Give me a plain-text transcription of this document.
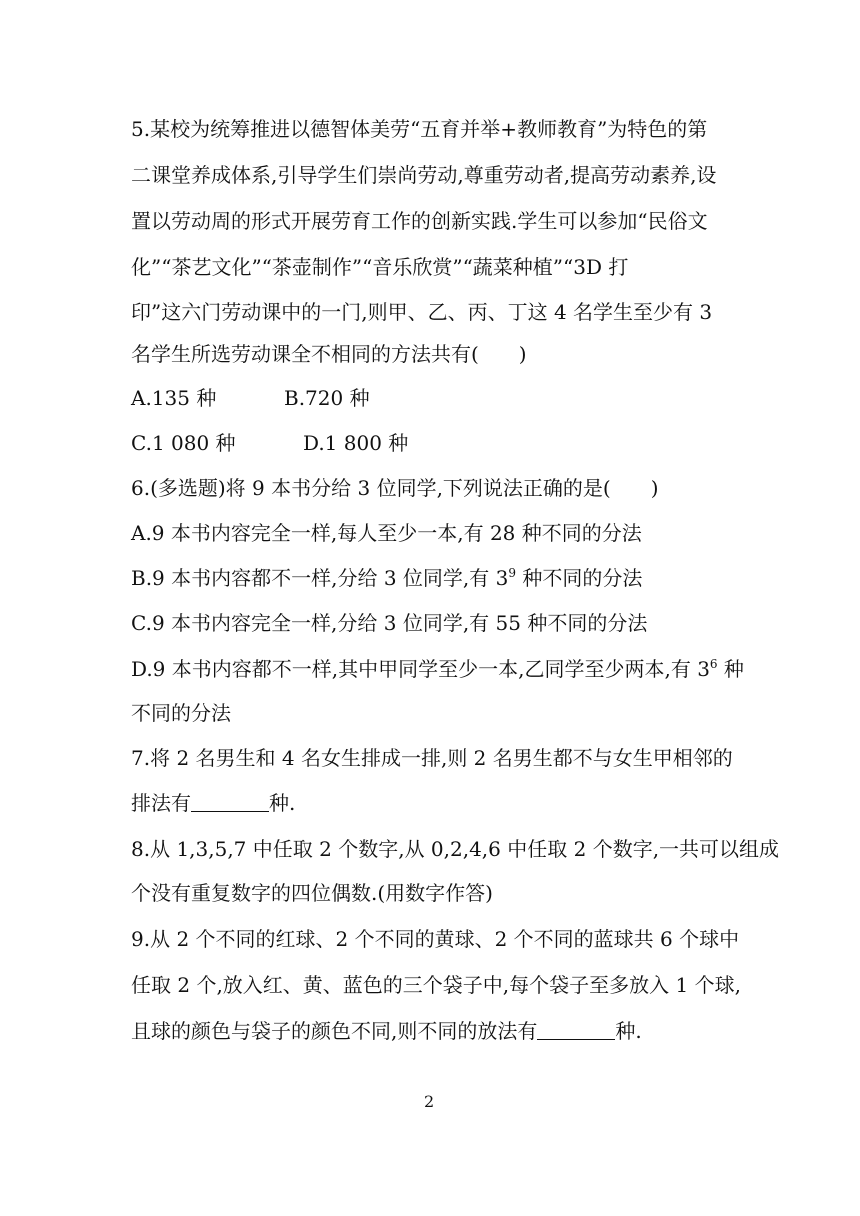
5.某校为统筹推进以德智体美劳“五育并举+教师教育”为特色的第
二课堂养成体系,引导学生们崇尚劳动,尊重劳动者,提高劳动素养,设
置以劳动周的形式开展劳育工作的创新实践.学生可以参加“民俗文
化”“茶艺文化”“茶壶制作”“音乐欣赏”“蔬菜种植”“3D 打
印”这六门劳动课中的一门,则甲、乙、丙、丁这 4 名学生至少有 3
名学生所选劳动课全不相同的方法共有(　　)
A.135 种	B.720 种
C.1 080 种	D.1 800 种
6.(多选题)将 9 本书分给 3 位同学,下列说法正确的是(　　)
A.9 本书内容完全一样,每人至少一本,有 28 种不同的分法
B.9 本书内容都不一样,分给 3 位同学,有 $3^9$ 种不同的分法
C.9 本书内容完全一样,分给 3 位同学,有 55 种不同的分法
D.9 本书内容都不一样,其中甲同学至少一本,乙同学至少两本,有 $3^6$ 种
不同的分法
7.将 2 名男生和 4 名女生排成一排,则 2 名男生都不与女生甲相邻的
排法有	种.
8.从 1,3,5,7 中任取 2 个数字,从 0,2,4,6 中任取 2 个数字,一共可以组成
个没有重复数字的四位偶数.(用数字作答)
9.从 2 个不同的红球、2 个不同的黄球、2 个不同的蓝球共 6 个球中
任取 2 个,放入红、黄、蓝色的三个袋子中,每个袋子至多放入 1 个球,
且球的颜色与袋子的颜色不同,则不同的放法有	种.
2
